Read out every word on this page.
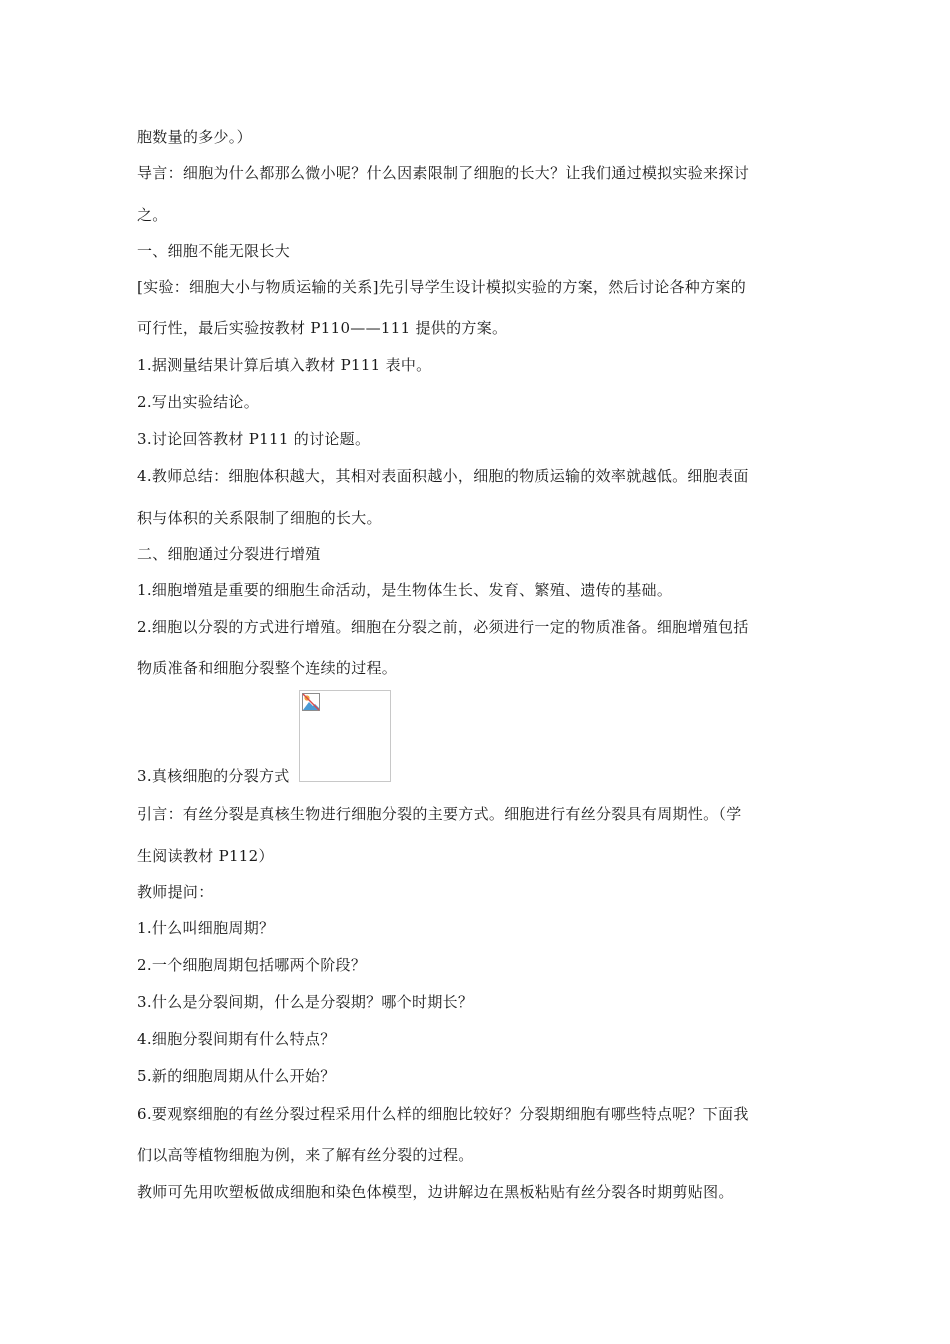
胞数量的多少。）
导言：细胞为什么都那么微小呢？什么因素限制了细胞的长大？让我们通过模拟实验来探讨
之。
一、细胞不能无限长大
[实验：细胞大小与物质运输的关系]先引导学生设计模拟实验的方案，然后讨论各种方案的
可行性，最后实验按教材 P110——111 提供的方案。
1.据测量结果计算后填入教材 P111 表中。
2.写出实验结论。
3.讨论回答教材 P111 的讨论题。
4.教师总结：细胞体积越大，其相对表面积越小，细胞的物质运输的效率就越低。细胞表面
积与体积的关系限制了细胞的长大。
二、细胞通过分裂进行增殖
1.细胞增殖是重要的细胞生命活动，是生物体生长、发育、繁殖、遗传的基础。
2.细胞以分裂的方式进行增殖。细胞在分裂之前，必须进行一定的物质准备。细胞增殖包括
物质准备和细胞分裂整个连续的过程。
3.真核细胞的分裂方式
引言：有丝分裂是真核生物进行细胞分裂的主要方式。细胞进行有丝分裂具有周期性。（学
生阅读教材 P112）
教师提问：
1.什么叫细胞周期？
2.一个细胞周期包括哪两个阶段？
3.什么是分裂间期，什么是分裂期？哪个时期长？
4.细胞分裂间期有什么特点？
5.新的细胞周期从什么开始？
6.要观察细胞的有丝分裂过程采用什么样的细胞比较好？分裂期细胞有哪些特点呢？下面我
们以高等植物细胞为例，来了解有丝分裂的过程。
教师可先用吹塑板做成细胞和染色体模型，边讲解边在黑板粘贴有丝分裂各时期剪贴图。
